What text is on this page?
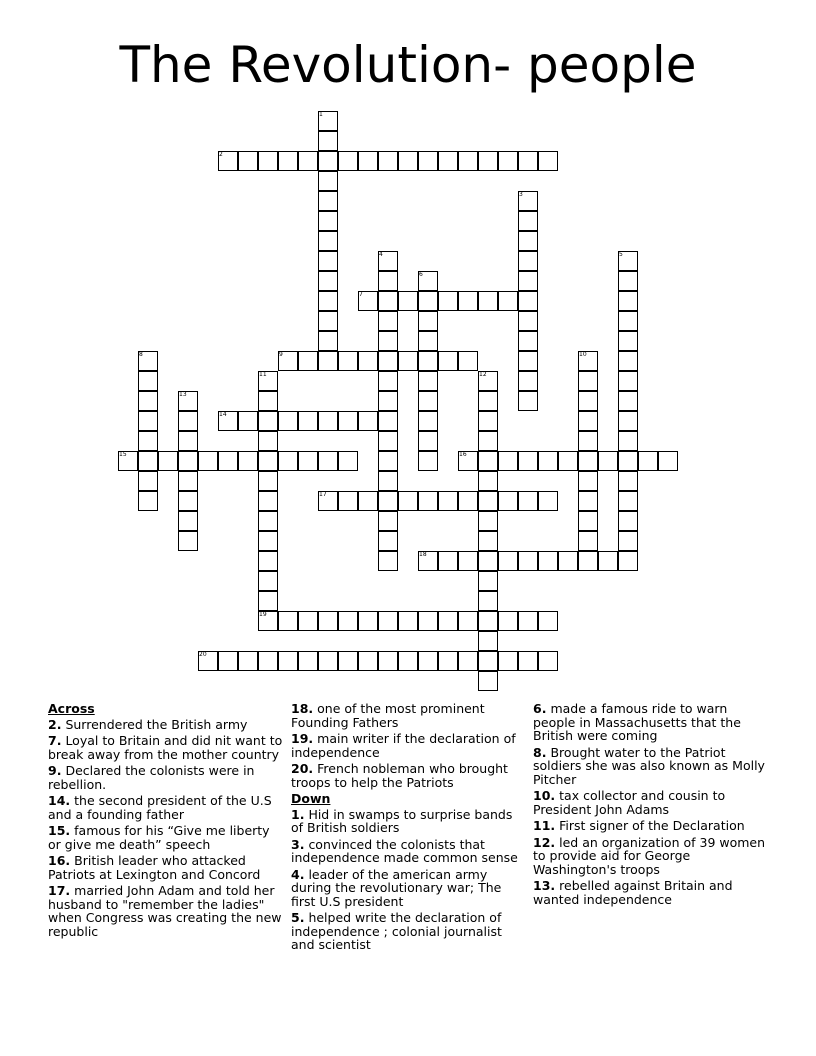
The Revolution- people
1
2
3
4	5
6
7
8	9	10
11	12
13
14
15	16
17
18
19
20
Across
2. Surrendered the British army
7. Loyal to Britain and did nit want to break away from the mother country
9. Declared the colonists were in rebellion.
14. the second president of the U.S and a founding father
15. famous for his “Give me liberty or give me death” speech
16. British leader who attacked Patriots at Lexington and Concord
17. married John Adam and told her husband to "remember the ladies" when Congress was creating the new republic
18. one of the most prominent Founding Fathers
19. main writer if the declaration of independence
20. French nobleman who brought troops to help the Patriots
Down
1. Hid in swamps to surprise bands of British soldiers
3. convinced the colonists that independence made common sense
4. leader of the american army during the revolutionary war; The first U.S president
5. helped write the declaration of independence ; colonial journalist and scientist
6. made a famous ride to warn people in Massachusetts that the British were coming
8. Brought water to the Patriot soldiers she was also known as Molly Pitcher
10. tax collector and cousin to President John Adams
11. First signer of the Declaration
12. led an organization of 39 women to provide aid for George Washington's troops
13. rebelled against Britain and wanted independence
